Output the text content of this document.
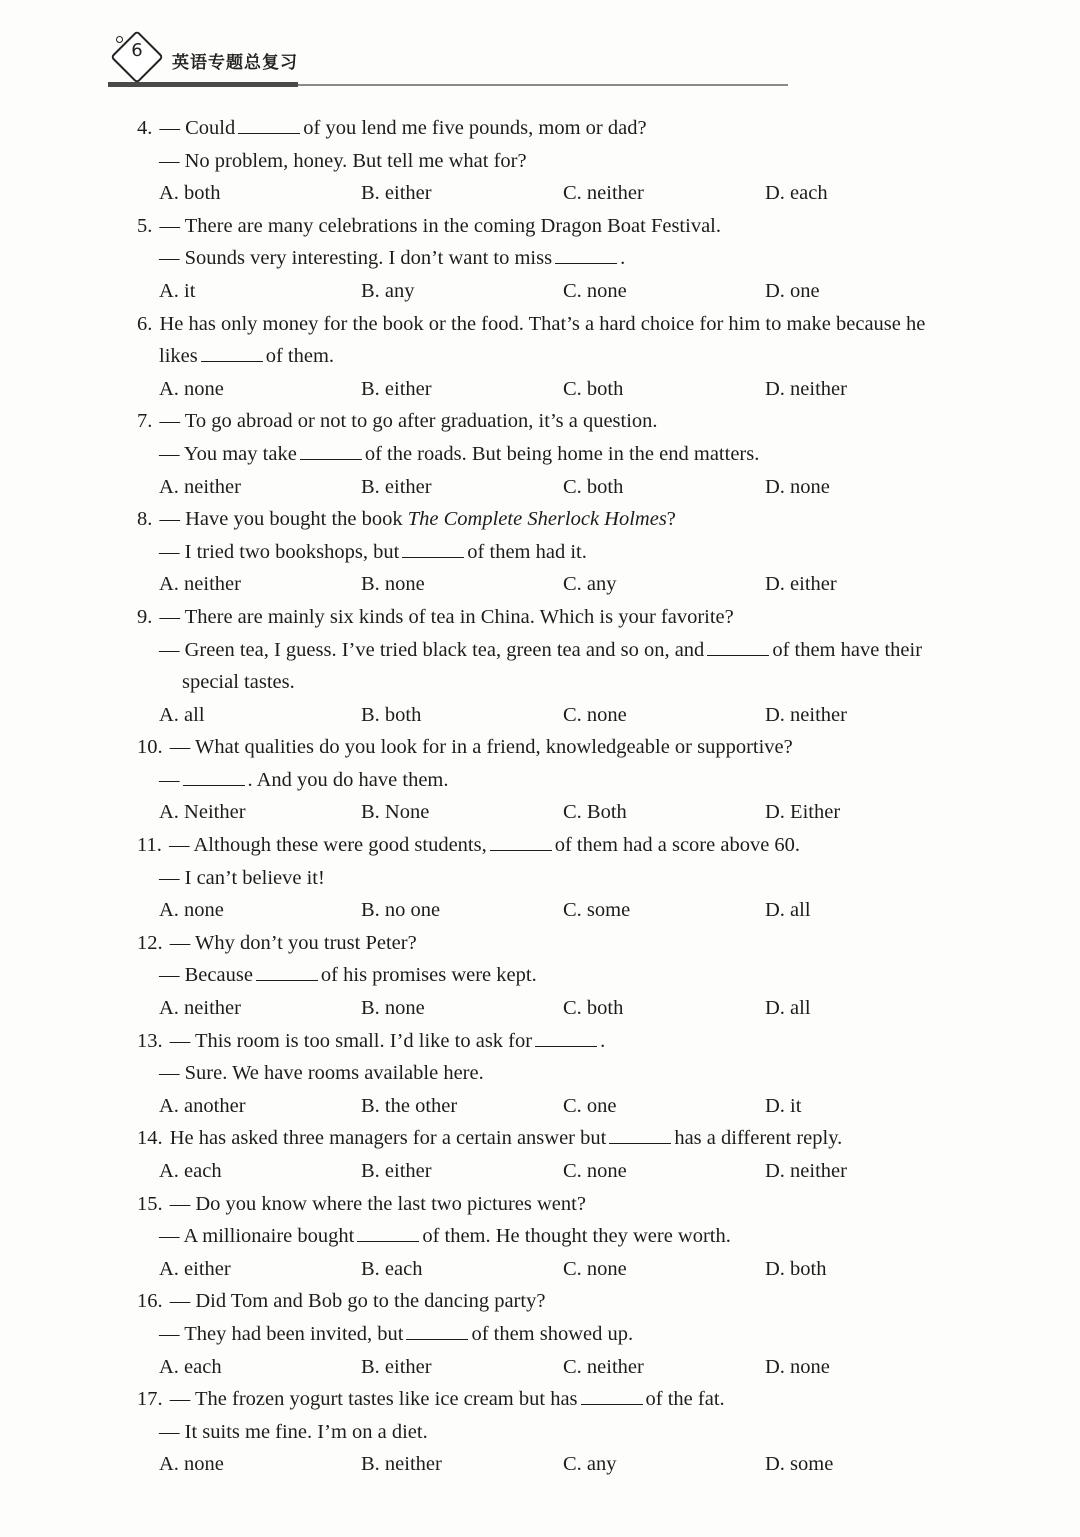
6
英语专题总复习
4. — Could	of you lend me five pounds, mom or dad?
— No problem, honey. But tell me what for?
A. both	B. either	C. neither	D. each
5. — There are many celebrations in the coming Dragon Boat Festival.
— Sounds very interesting. I don’t want to miss	.
A. it	B. any	C. none	D. one
6. He has only money for the book or the food. That’s a hard choice for him to make because he
likes	of them.
A. none	B. either	C. both	D. neither
7. — To go abroad or not to go after graduation, it’s a question.
— You may take	of the roads. But being home in the end matters.
A. neither	B. either	C. both	D. none
8. — Have you bought the book The Complete Sherlock Holmes?
— I tried two bookshops, but	of them had it.
A. neither	B. none	C. any	D. either
9. — There are mainly six kinds of tea in China. Which is your favorite?
— Green tea, I guess. I’ve tried black tea, green tea and so on, and	of them have their
special tastes.
A. all	B. both	C. none	D. neither
10. — What qualities do you look for in a friend, knowledgeable or supportive?
—	. And you do have them.
A. Neither	B. None	C. Both	D. Either
11. — Although these were good students,	of them had a score above 60.
— I can’t believe it!
A. none	B. no one	C. some	D. all
12. — Why don’t you trust Peter?
— Because	of his promises were kept.
A. neither	B. none	C. both	D. all
13. — This room is too small. I’d like to ask for	.
— Sure. We have rooms available here.
A. another	B. the other	C. one	D. it
14. He has asked three managers for a certain answer but	has a different reply.
A. each	B. either	C. none	D. neither
15. — Do you know where the last two pictures went?
— A millionaire bought	of them. He thought they were worth.
A. either	B. each	C. none	D. both
16. — Did Tom and Bob go to the dancing party?
— They had been invited, but	of them showed up.
A. each	B. either	C. neither	D. none
17. — The frozen yogurt tastes like ice cream but has	of the fat.
— It suits me fine. I’m on a diet.
A. none	B. neither	C. any	D. some
